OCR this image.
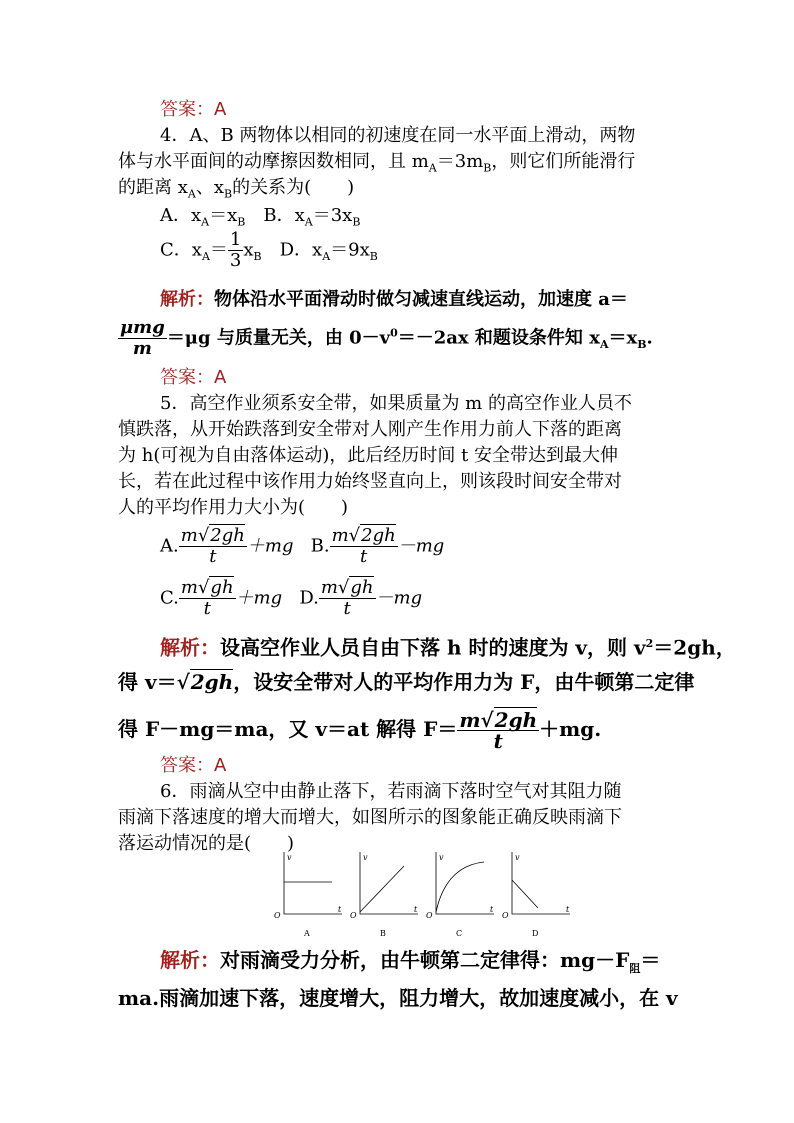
答案：A
4．A、B 两物体以相同的初速度在同一水平面上滑动，两物
体与水平面间的动摩擦因数相同，且 $m_A=3m_B$，则它们所能滑行
的距离 $x_A$、$x_B$的关系为(　　)
A．$x_A=x_B$　B．$x_A=3x_B$
C．$x_A= \frac{1}{3} x_B$　D．$x_A=9x_B$
解析：物体沿水平面滑动时做匀减速直线运动，加速度 a＝
$\frac{\text{μmg}}{m} =\mu g$ 与质量无关，由 $0-v^0=-2ax$ 和题设条件知 $x_A=x_B$.
答案：A
5．高空作业须系安全带，如果质量为 m 的高空作业人员不
慎跌落，从开始跌落到安全带对人刚产生作用力前人下落的距离
为 h(可视为自由落体运动)，此后经历时间 t 安全带达到最大伸
长，若在此过程中该作用力始终竖直向上，则该段时间安全带对
人的平均作用力大小为(　　)
A. $\frac{m√2gh}{t} +mg$ B. $\frac{m√2gh}{t} -mg$
C. $\frac{m√gh}{t} +mg$ D. $\frac{m√gh}{t} -mg$
解析：设高空作业人员自由下落 h 时的速度为 v，则 $v^2=2gh$，
得 v＝√2gh，设安全带对人的平均作用力为 F，由牛顿第二定律
得 F－mg＝ma，又 v＝at 解得 $F= \frac{m√2gh}{t} +mg$.
答案：A
6．雨滴从空中由静止落下，若雨滴下落时空气对其阻力随
雨滴下落速度的增大而增大，如图所示的图象能正确反映雨滴下
落运动情况的是(　　)
v
t
O
A
v
t
O
B
v
t
O
C
v
t
O
D
解析：对雨滴受力分析，由牛顿第二定律得：$mg-F_阻=$
ma.雨滴加速下落，速度增大，阻力增大，故加速度减小，在 v
